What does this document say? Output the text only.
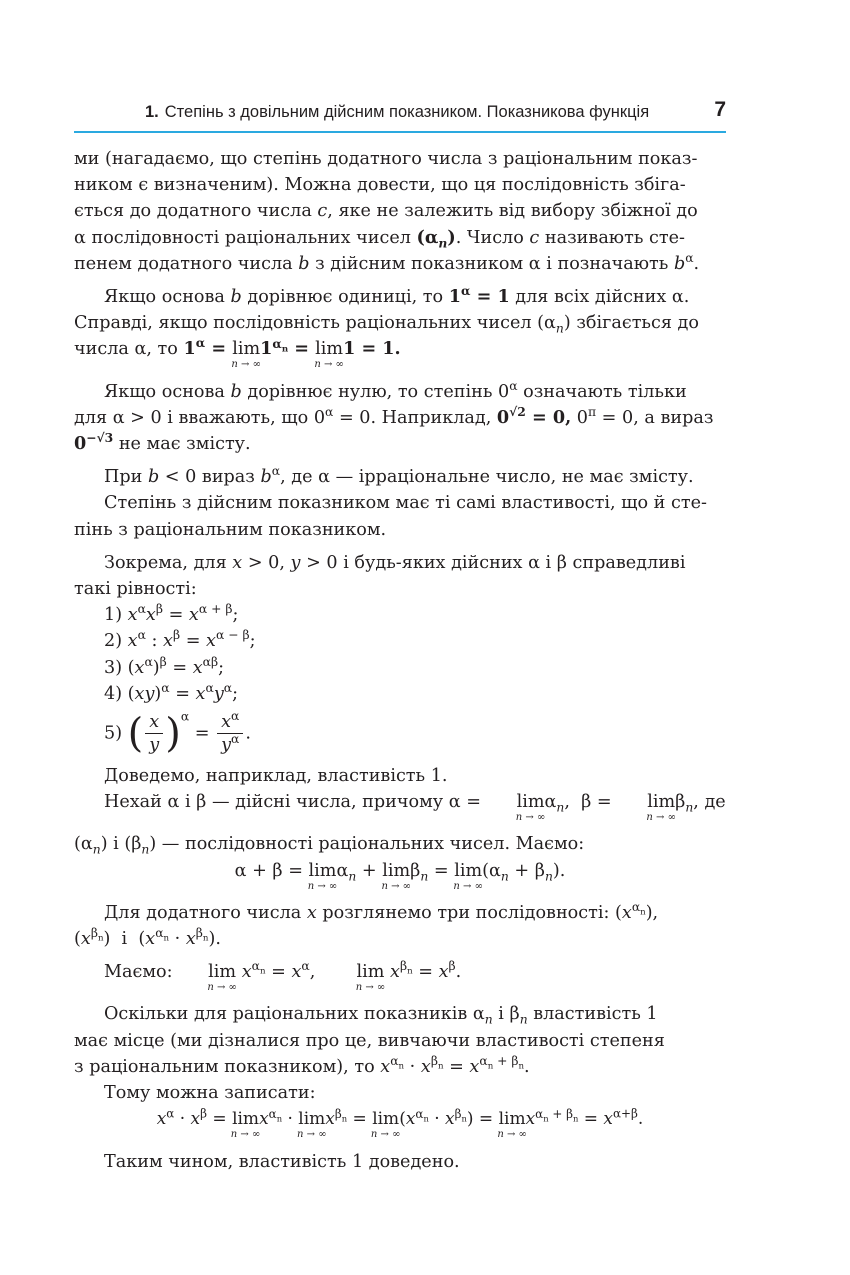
1. Степінь з довільним дійсним показником. Показникова функція	7

ми (нагадаємо, що степінь додатного числа з раціональним показ-
ником є визначеним). Можна довести, що ця послідовність збіга-
ється до додатного числа c, яке не залежить від вибору збіжної до
α послідовності раціональних чисел $(\alpha_n)$. Число c називають сте-
пенем додатного числа b з дійсним показником α і позначають $b^\alpha$.

Якщо основа b дорівнює одиниці, то $1^\alpha = 1$ для всіх дійсних α.

Справді, якщо послідовність раціональних чисел $(\alpha_n)$ збігається до
числа α, то $1^\alpha = \lim$
n → ∞
$1^{\alpha_n} = \lim$
n → ∞
1 = 1.

Якщо основа b дорівнює нулю, то степінь $0^\alpha$ означають тільки

для α > 0 і вважають, що $0^\alpha = 0$. Наприклад, $0^{√2} = 0$, $0^\pi = 0$, а вираз
$0^{-√3}$ не має змісту.

При b < 0 вираз $b^\alpha$, де α — ірраціональне число, не має змісту.

Степінь з дійсним показником має ті самі властивості, що й сте-

пінь з раціональним показником.

Зокрема, для x > 0, y > 0 і будь-яких дійсних α і β справедливі

такі рівності:

1) $x^\alpha x^\beta = x^{\alpha + \beta}$;

2) $x^\alpha$ : $x^\beta = x^{\alpha - \beta}$;

3) $(x^\alpha)^\beta = x^{\alpha\beta}$;

4) $(xy)^\alpha = x^\alpha y^\alpha$;

5) ( $\frac{x}{y} )^\alpha = \frac{x^\alpha}{y^\alpha}$ .

Доведемо, наприклад, властивість 1.

Нехай α і β — дійсні числа, причому α =	lim
n → ∞
$\alpha_n$,  β =	lim
n → ∞
$\beta_n$, де

$(\alpha_n)$ і $(\beta_n)$ — послідовності раціональних чисел. Маємо:

α + β = lim
n → ∞
$\alpha_n + \lim$
n → ∞
$\beta_n = \lim$
n → ∞
$(\alpha_n + \beta_n)$.

Для додатного числа x розглянемо три послідовності: $(x^{\alpha_n})$,
$(x^{\beta_n})$  і  $(x^{\alpha_n} \cdot x^{\beta_n})$.

Маємо:	lim
n → ∞
$x^{\alpha_n} = x^\alpha$,	lim
n → ∞
$x^{\beta_n} = x^\beta$.

Оскільки для раціональних показників $\alpha_n$ і $\beta_n$ властивість 1

має місце (ми дізналися про це, вивчаючи властивості степеня
з раціональним показником), то $x^{\alpha_n} \cdot x^{\beta_n} = x^{\alpha_n + \beta_n}$.

Тому можна записати:

$x^\alpha \cdot x^\beta = \lim$
n → ∞
$x^{\alpha_n} \cdot \lim$
n → ∞
$x^{\beta_n} = \lim$
n → ∞
$(x^{\alpha_n} \cdot x^{\beta_n}) = \lim$
n → ∞
$x^{\alpha_n + \beta_n} = x^{\alpha+\beta}$.

Таким чином, властивість 1 доведено.
